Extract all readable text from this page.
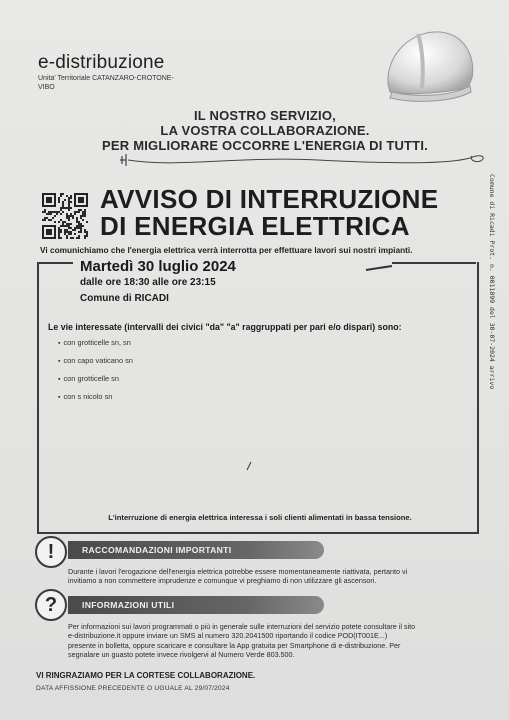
e-distribuzione
Unita' Territoriale CATANZARO-CROTONE-
VIBO
IL NOSTRO SERVIZIO,
LA VOSTRA COLLABORAZIONE.
PER MIGLIORARE OCCORRE L'ENERGIA DI TUTTI.
AVVISO DI INTERRUZIONE
DI ENERGIA ELETTRICA	Comune di Ricadi Prot. n. 0011899 del 30-07-2024 arrivo
Vi comunichiamo che l'energia elettrica verrà interrotta per effettuare lavori sui nostri impianti.
Martedì 30 luglio 2024
dalle ore 18:30 alle ore 23:15
Comune di RICADI
Le vie interessate (intervalli dei civici "da" "a" raggruppati per pari e/o dispari) sono:
▪ con grotticelle sn, sn
▪ con capo vaticano sn
▪ con grotticelle sn
▪ con s nicolo sn
L'interruzione di energia elettrica interessa i soli clienti alimentati in bassa tensione.
!	RACCOMANDAZIONI IMPORTANTI
Durante i lavori l'erogazione dell'energia elettrica potrebbe essere momentaneamente riattivata, pertanto vi
invitiamo a non commettere imprudenze e comunque vi preghiamo di non utilizzare gli ascensori.
?	INFORMAZIONI UTILI
Per informazioni sui lavori programmati o più in generale sulle interruzioni del servizio potete consultare il sito
e-distribuzione.it oppure inviare un SMS al numero 320.2041500 riportando il codice POD(IT001E...)
presente in bolletta, oppure scaricare e consultare la App gratuita per Smartphone di e-distribuzione. Per
segnalare un guasto potete invece rivolgervi al Numero Verde 803.500.
VI RINGRAZIAMO PER LA CORTESE COLLABORAZIONE.
DATA AFFISSIONE PRECEDENTE O UGUALE AL 29/07/2024
